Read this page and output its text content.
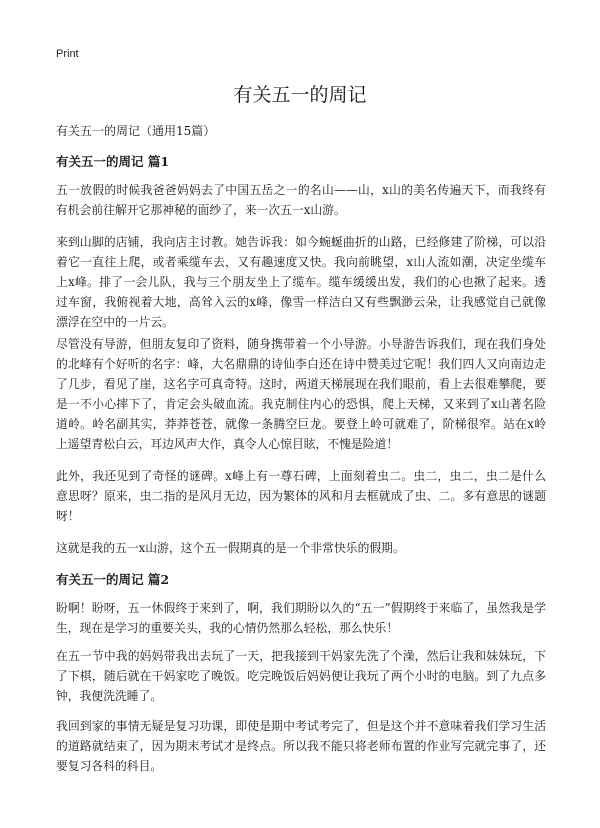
Print
有关五一的周记

有关五一的周记（通用15篇）

有关五一的周记 篇1

五一放假的时候我爸爸妈妈去了中国五岳之一的名山——山，x山的美名传遍天下，而我终有有机会前往解开它那神秘的面纱了，来一次五一x山游。

来到山脚的店铺，我向店主讨教。她告诉我：如今蜿蜒曲折的山路，已经修建了阶梯，可以沿着它一直往上爬，或者乘缆车去，又有趣速度又快。我向前眺望，x山人流如潮，决定坐缆车上x峰。排了一会儿队，我与三个朋友坐上了缆车。缆车缓缓出发，我们的心也揪了起来。透过车窗，我俯视着大地，高耸入云的x峰，像雪一样洁白又有些飘渺云朵，让我感觉自己就像漂浮在空中的一片云。

尽管没有导游，但朋友复印了资料，随身携带着一个小导游。小导游告诉我们，现在我们身处的北峰有个好听的名字：峰，大名鼎鼎的诗仙李白还在诗中赞美过它呢！我们四人又向南边走了几步，看见了崖，这名字可真奇特。这时，两道天梯展现在我们眼前，看上去很难攀爬，要是一不小心摔下了，肯定会头破血流。我克制住内心的恐惧，爬上天梯，又来到了x山著名险道岭。岭名副其实，莽莽苍苍，就像一条腾空巨龙。要登上岭可就难了，阶梯很窄。站在x岭上遥望青松白云，耳边风声大作，真令人心惊目眩，不愧是险道！

此外，我还见到了奇怪的谜碑。x峰上有一尊石碑，上面刻着虫二。虫二，虫二，虫二是什么意思呀？原来，虫二指的是风月无边，因为繁体的风和月去框就成了虫、二。多有意思的谜题呀！

这就是我的五一x山游，这个五一假期真的是一个非常快乐的假期。

有关五一的周记 篇2

盼啊！盼呀，五一休假终于来到了，啊，我们期盼以久的“五一”假期终于来临了，虽然我是学生，现在是学习的重要关头，我的心情仍然那么轻松，那么快乐！

在五一节中我的妈妈带我出去玩了一天，把我接到干妈家先洗了个澡，然后让我和妹妹玩，下了下棋，随后就在干妈家吃了晚饭。吃完晚饭后妈妈便让我玩了两个小时的电脑。到了九点多钟，我便洗洗睡了。

我回到家的事情无疑是复习功课，即使是期中考试考完了，但是这个并不意味着我们学习生活的道路就结束了，因为期末考试才是终点。所以我不能只将老师布置的作业写完就完事了，还要复习各科的科目。
